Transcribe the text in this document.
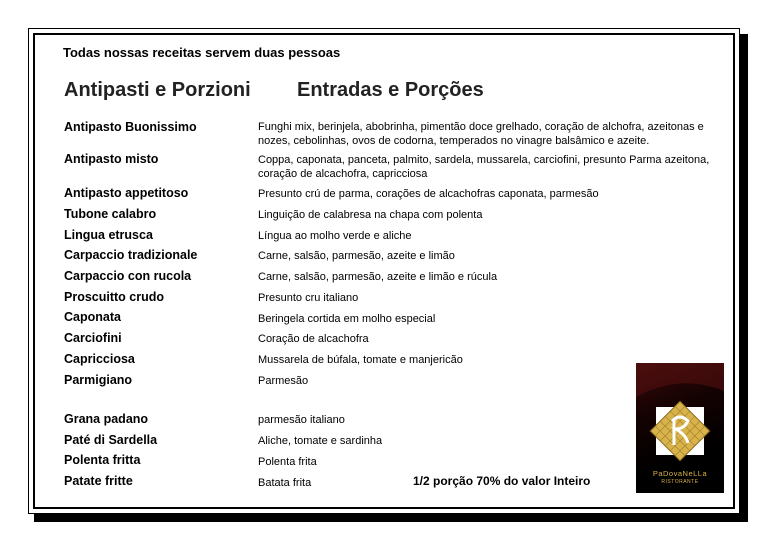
Todas nossas receitas servem duas pessoas
Antipasti e Porzioni Entradas e Porções
Antipasto Buonissimo	Funghi mix, berinjela, abobrinha, pimentão doce grelhado, coração de alchofra, azeitonas e nozes, cebolinhas, ovos de codorna, temperados no vinagre balsâmico e azeite.
Antipasto misto	Coppa, caponata, panceta, palmito, sardela, mussarela, carciofini, presunto Parma azeitona, coração de alcachofra, capricciosa
Antipasto appetitoso	Presunto crú de parma, corações de alcachofras caponata, parmesão
Tubone calabro	Linguição de calabresa na chapa com polenta
Lingua etrusca	Língua ao molho verde e aliche
Carpaccio tradizionale	Carne, salsão, parmesão, azeite e limão
Carpaccio con rucola	Carne, salsão, parmesão, azeite e limão e rúcula
Proscuitto crudo	Presunto cru italiano
Caponata	Beringela cortida em molho especial
Carciofini	Coração de alcachofra
Capricciosa	Mussarela de búfala, tomate e manjericão
Parmigiano	Parmesão
Grana padano	parmesão italiano
Paté di Sardella	Aliche, tomate e sardinha
Polenta fritta	Polenta frita
Patate fritte	Batata frita	1/2 porção 70% do valor Inteiro
PaDovaNeLLa
RISTORANTE
